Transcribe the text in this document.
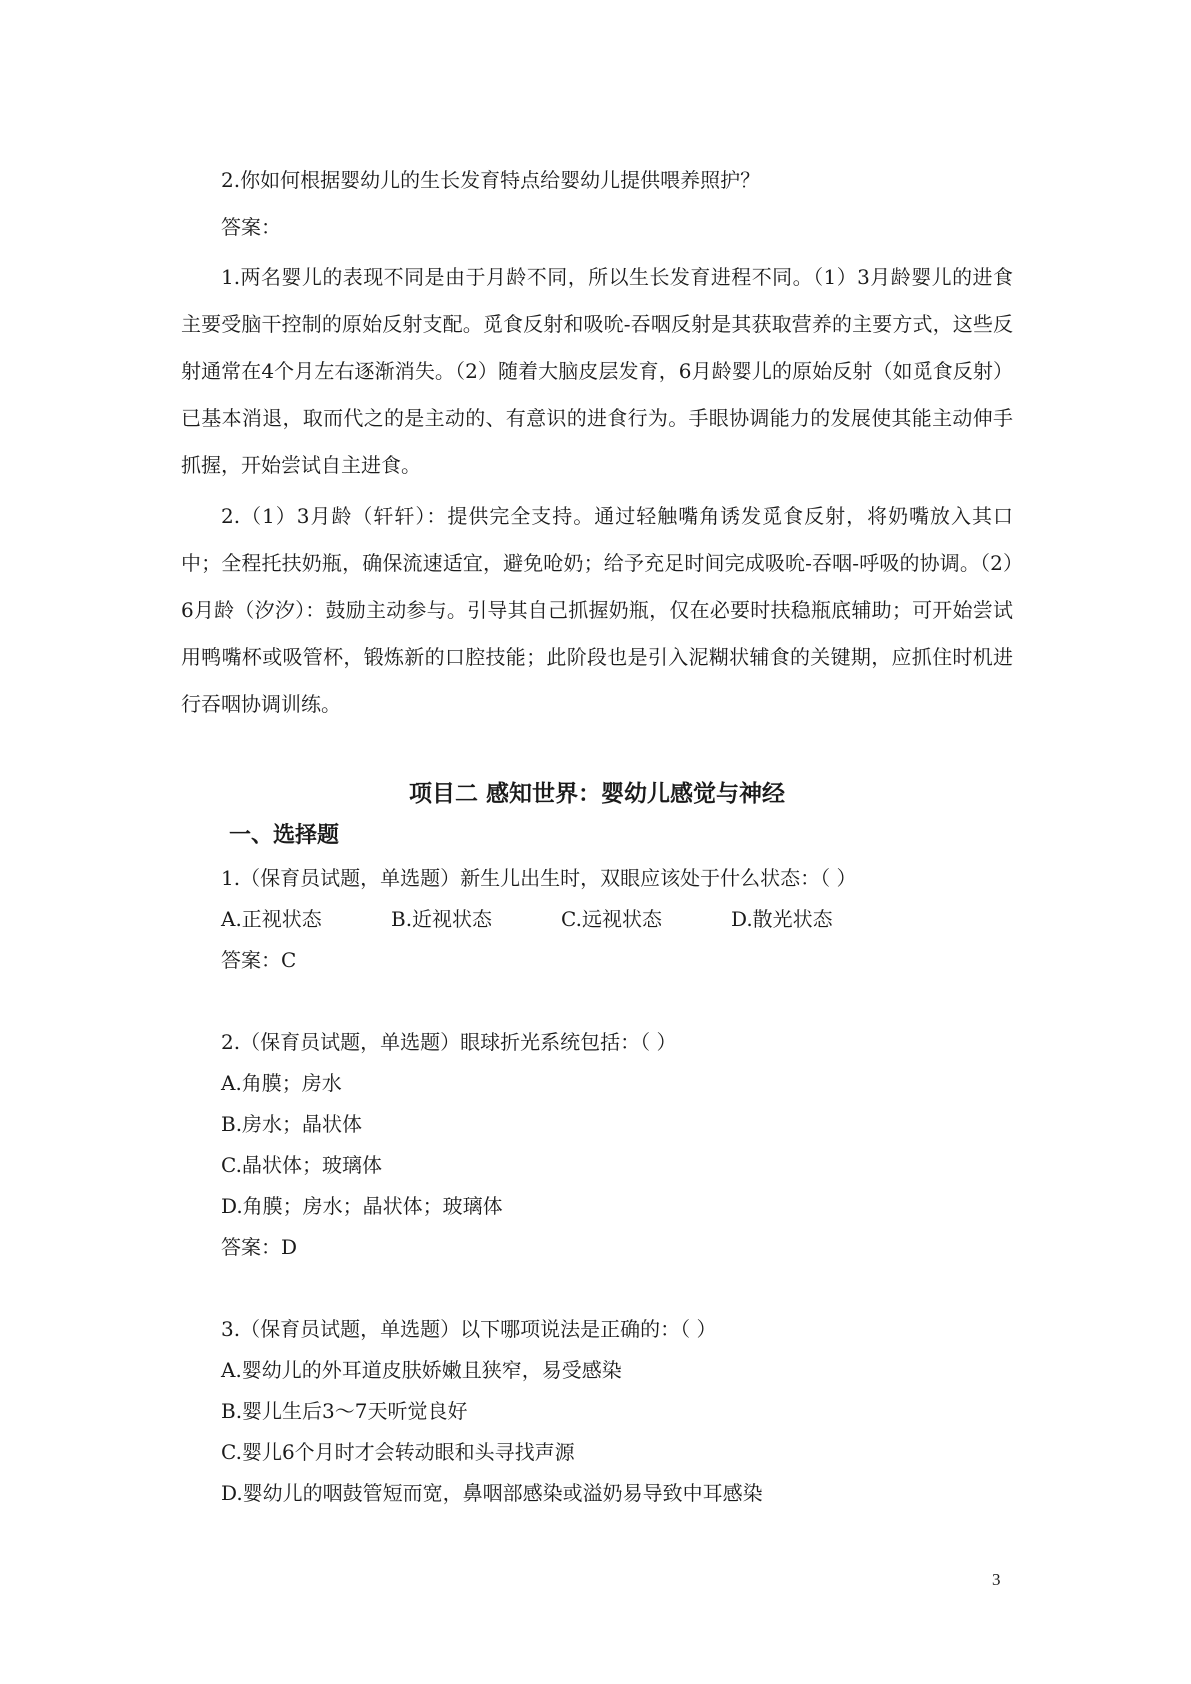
2.你如何根据婴幼儿的生长发育特点给婴幼儿提供喂养照护？

答案：

1.两名婴儿的表现不同是由于月龄不同，所以生长发育进程不同。（1）3月龄婴儿的进食主要受脑干控制的原始反射支配。觅食反射和吸吮-吞咽反射是其获取营养的主要方式，这些反射通常在4个月左右逐渐消失。（2）随着大脑皮层发育，6月龄婴儿的原始反射（如觅食反射）已基本消退，取而代之的是主动的、有意识的进食行为。手眼协调能力的发展使其能主动伸手抓握，开始尝试自主进食。

2.（1）3月龄（轩轩）：提供完全支持。通过轻触嘴角诱发觅食反射，将奶嘴放入其口中；全程托扶奶瓶，确保流速适宜，避免呛奶；给予充足时间完成吸吮-吞咽-呼吸的协调。（2）6月龄（汐汐）：鼓励主动参与。引导其自己抓握奶瓶，仅在必要时扶稳瓶底辅助；可开始尝试用鸭嘴杯或吸管杯，锻炼新的口腔技能；此阶段也是引入泥糊状辅食的关键期，应抓住时机进行吞咽协调训练。

项目二 感知世界：婴幼儿感觉与神经

一、选择题

1.（保育员试题，单选题）新生儿出生时，双眼应该处于什么状态：（ ）

A.正视状态	B.近视状态	C.远视状态	D.散光状态

答案：C

2.（保育员试题，单选题）眼球折光系统包括：（ ）

A.角膜；房水

B.房水；晶状体

C.晶状体；玻璃体

D.角膜；房水；晶状体；玻璃体

答案：D

3.（保育员试题，单选题）以下哪项说法是正确的：（ ）

A.婴幼儿的外耳道皮肤娇嫩且狭窄，易受感染

B.婴儿生后3～7天听觉良好

C.婴儿6个月时才会转动眼和头寻找声源

D.婴幼儿的咽鼓管短而宽，鼻咽部感染或溢奶易导致中耳感染

3
